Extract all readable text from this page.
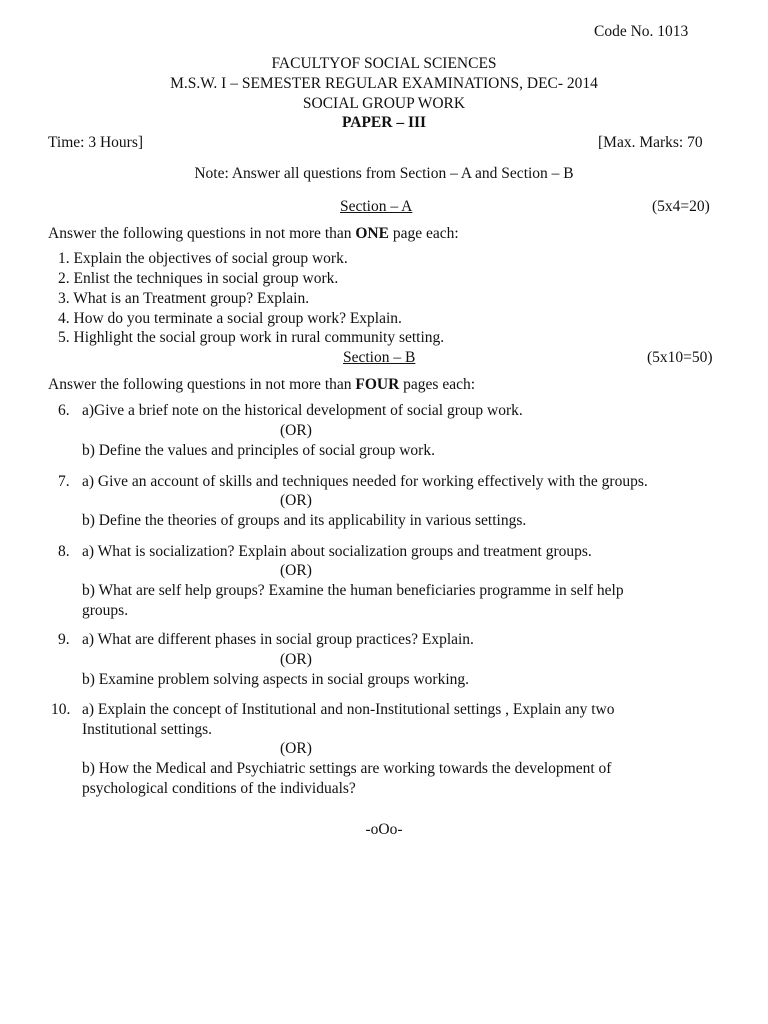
Code No. 1013
FACULTYOF SOCIAL SCIENCES
M.S.W. I – SEMESTER REGULAR EXAMINATIONS, DEC- 2014
SOCIAL GROUP WORK
PAPER – III
Time: 3 Hours]	[Max. Marks: 70
Note: Answer all questions from Section – A and Section – B
Section – A	(5x4=20)
Answer the following questions in not more than ONE page each:
1. Explain the objectives of social group work.
2. Enlist the techniques in social group work.
3. What is an Treatment group? Explain.
4. How do you terminate a social group work? Explain.
5. Highlight the social group work in rural community setting.
Section – B	(5x10=50)
Answer the following questions in not more than FOUR pages each:
6. a)Give a brief note on the historical development of social group work.
(OR)
b) Define the values and principles of social group work.
7. a) Give an account of skills and techniques needed for working effectively with the groups.
(OR)
b) Define the theories of groups and its applicability in various settings.
8. a) What is socialization? Explain about socialization groups and treatment groups.
(OR)
b) What are self help groups? Examine the human beneficiaries programme in self help
groups.
9. a) What are different phases in social group practices? Explain.
(OR)
b) Examine problem solving aspects in social groups working.
10. a) Explain the concept of Institutional and non-Institutional settings , Explain any two
Institutional settings.
(OR)
b) How the Medical and Psychiatric settings are working towards the development of
psychological conditions of the individuals?
-oOo-
